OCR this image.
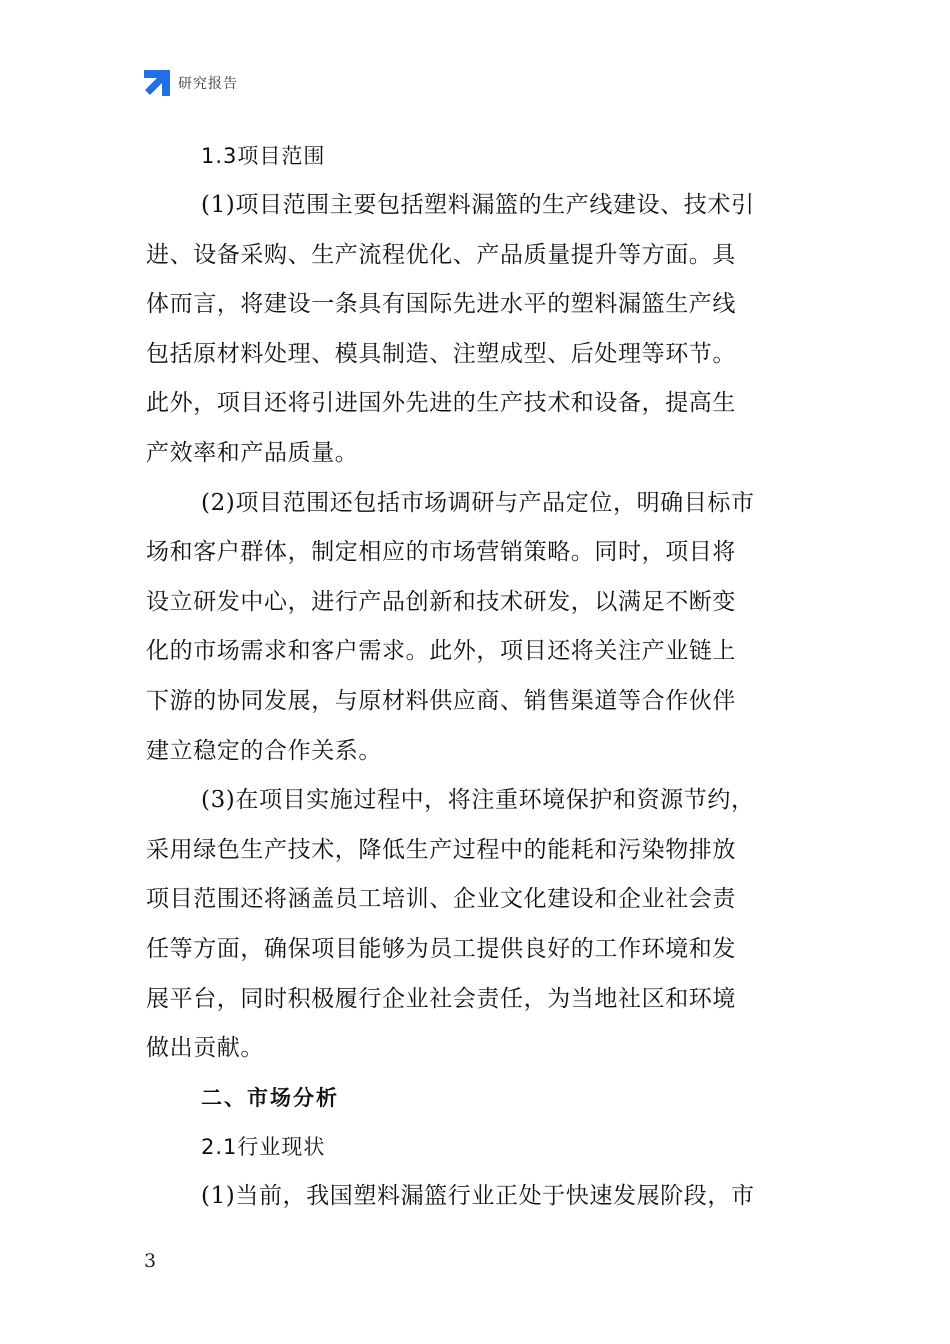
研究报告

1.3项目范围

(1)项目范围主要包括塑料漏篮的生产线建设、技术引
进、设备采购、生产流程优化、产品质量提升等方面。具
体而言，将建设一条具有国际先进水平的塑料漏篮生产线
包括原材料处理、模具制造、注塑成型、后处理等环节。
此外，项目还将引进国外先进的生产技术和设备，提高生
产效率和产品质量。

(2)项目范围还包括市场调研与产品定位，明确目标市
场和客户群体，制定相应的市场营销策略。同时，项目将
设立研发中心，进行产品创新和技术研发，以满足不断变
化的市场需求和客户需求。此外，项目还将关注产业链上
下游的协同发展，与原材料供应商、销售渠道等合作伙伴
建立稳定的合作关系。

(3)在项目实施过程中，将注重环境保护和资源节约，
采用绿色生产技术，降低生产过程中的能耗和污染物排放
项目范围还将涵盖员工培训、企业文化建设和企业社会责
任等方面，确保项目能够为员工提供良好的工作环境和发
展平台，同时积极履行企业社会责任，为当地社区和环境
做出贡献。

二、市场分析

2.1行业现状

(1)当前，我国塑料漏篮行业正处于快速发展阶段，市

3
